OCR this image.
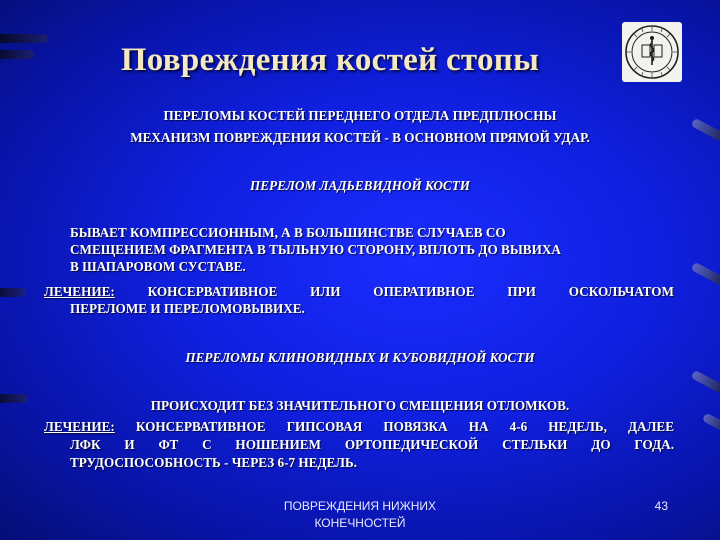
Повреждения костей стопы
ПЕРЕЛОМЫ КОСТЕЙ ПЕРЕДНЕГО ОТДЕЛА ПРЕДПЛЮСНЫ
МЕХАНИЗМ ПОВРЕЖДЕНИЯ КОСТЕЙ - В ОСНОВНОМ ПРЯМОЙ УДАР.
ПЕРЕЛОМ ЛАДЬЕВИДНОЙ КОСТИ
БЫВАЕТ КОМПРЕССИОННЫМ, А В БОЛЬШИНСТВЕ СЛУЧАЕВ СО
СМЕЩЕНИЕМ ФРАГМЕНТА В ТЫЛЬНУЮ СТОРОНУ, ВПЛОТЬ ДО ВЫВИХА
В ШАПАРОВОМ СУСТАВЕ.
ЛЕЧЕНИЕ: КОНСЕРВАТИВНОЕ ИЛИ ОПЕРАТИВНОЕ ПРИ ОСКОЛЬЧАТОМ
ПЕРЕЛОМЕ И ПЕРЕЛОМОВЫВИХЕ.
ПЕРЕЛОМЫ КЛИНОВИДНЫХ И КУБОВИДНОЙ КОСТИ
ПРОИСХОДИТ БЕЗ ЗНАЧИТЕЛЬНОГО СМЕЩЕНИЯ ОТЛОМКОВ.
ЛЕЧЕНИЕ: КОНСЕРВАТИВНОЕ ГИПСОВАЯ ПОВЯЗКА НА 4-6 НЕДЕЛЬ, ДАЛЕЕ
ЛФК И ФТ С НОШЕНИЕМ ОРТОПЕДИЧЕСКОЙ СТЕЛЬКИ ДО ГОДА.
ТРУДОСПОСОБНОСТЬ - ЧЕРЕЗ 6-7 НЕДЕЛЬ.
ПОВРЕЖДЕНИЯ НИЖНИХ
КОНЕЧНОСТЕЙ
43
